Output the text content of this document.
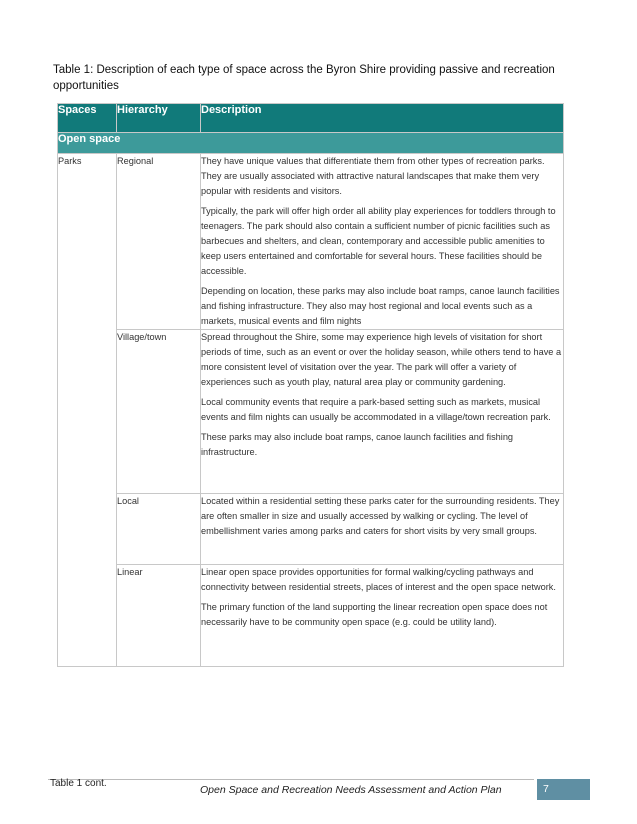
Table 1: Description of each type of space across the Byron Shire providing passive and recreation opportunities
Spaces	Hierarchy	Description
Open space		
Parks	Regional	They have unique values that differentiate them from other types of recreation parks. They are usually associated with attractive natural landscapes that make them very popular with residents and visitors.

Typically, the park will offer high order all ability play experiences for toddlers through to teenagers. The park should also contain a sufficient number of picnic facilities such as barbecues and shelters, and clean, contemporary and accessible public amenities to keep users entertained and comfortable for several hours. These facilities should be accessible.

Depending on location, these parks may also include boat ramps, canoe launch facilities and fishing infrastructure. They also may host regional and local events such as a markets, musical events and film nights

	Village/town	Spread throughout the Shire, some may experience high levels of visitation for short periods of time, such as an event or over the holiday season, while others tend to have a more consistent level of visitation over the year. The park will offer a variety of experiences such as youth play, natural area play or community gardening.

Local community events that require a park-based setting such as markets, musical events and film nights can usually be accommodated in a village/town recreation park.

These parks may also include boat ramps, canoe launch facilities and fishing infrastructure.

	Local	Located within a residential setting these parks cater for the surrounding residents. They are often smaller in size and usually accessed by walking or cycling. The level of embellishment varies among parks and caters for short visits by very small groups.

	Linear	Linear open space provides opportunities for formal walking/cycling pathways and connectivity between residential streets, places of interest and the open space network.

The primary function of the land supporting the linear recreation open space does not necessarily have to be community open space (e.g. could be utility land).

Table 1 cont.
Open Space and Recreation Needs Assessment and Action Plan	7
